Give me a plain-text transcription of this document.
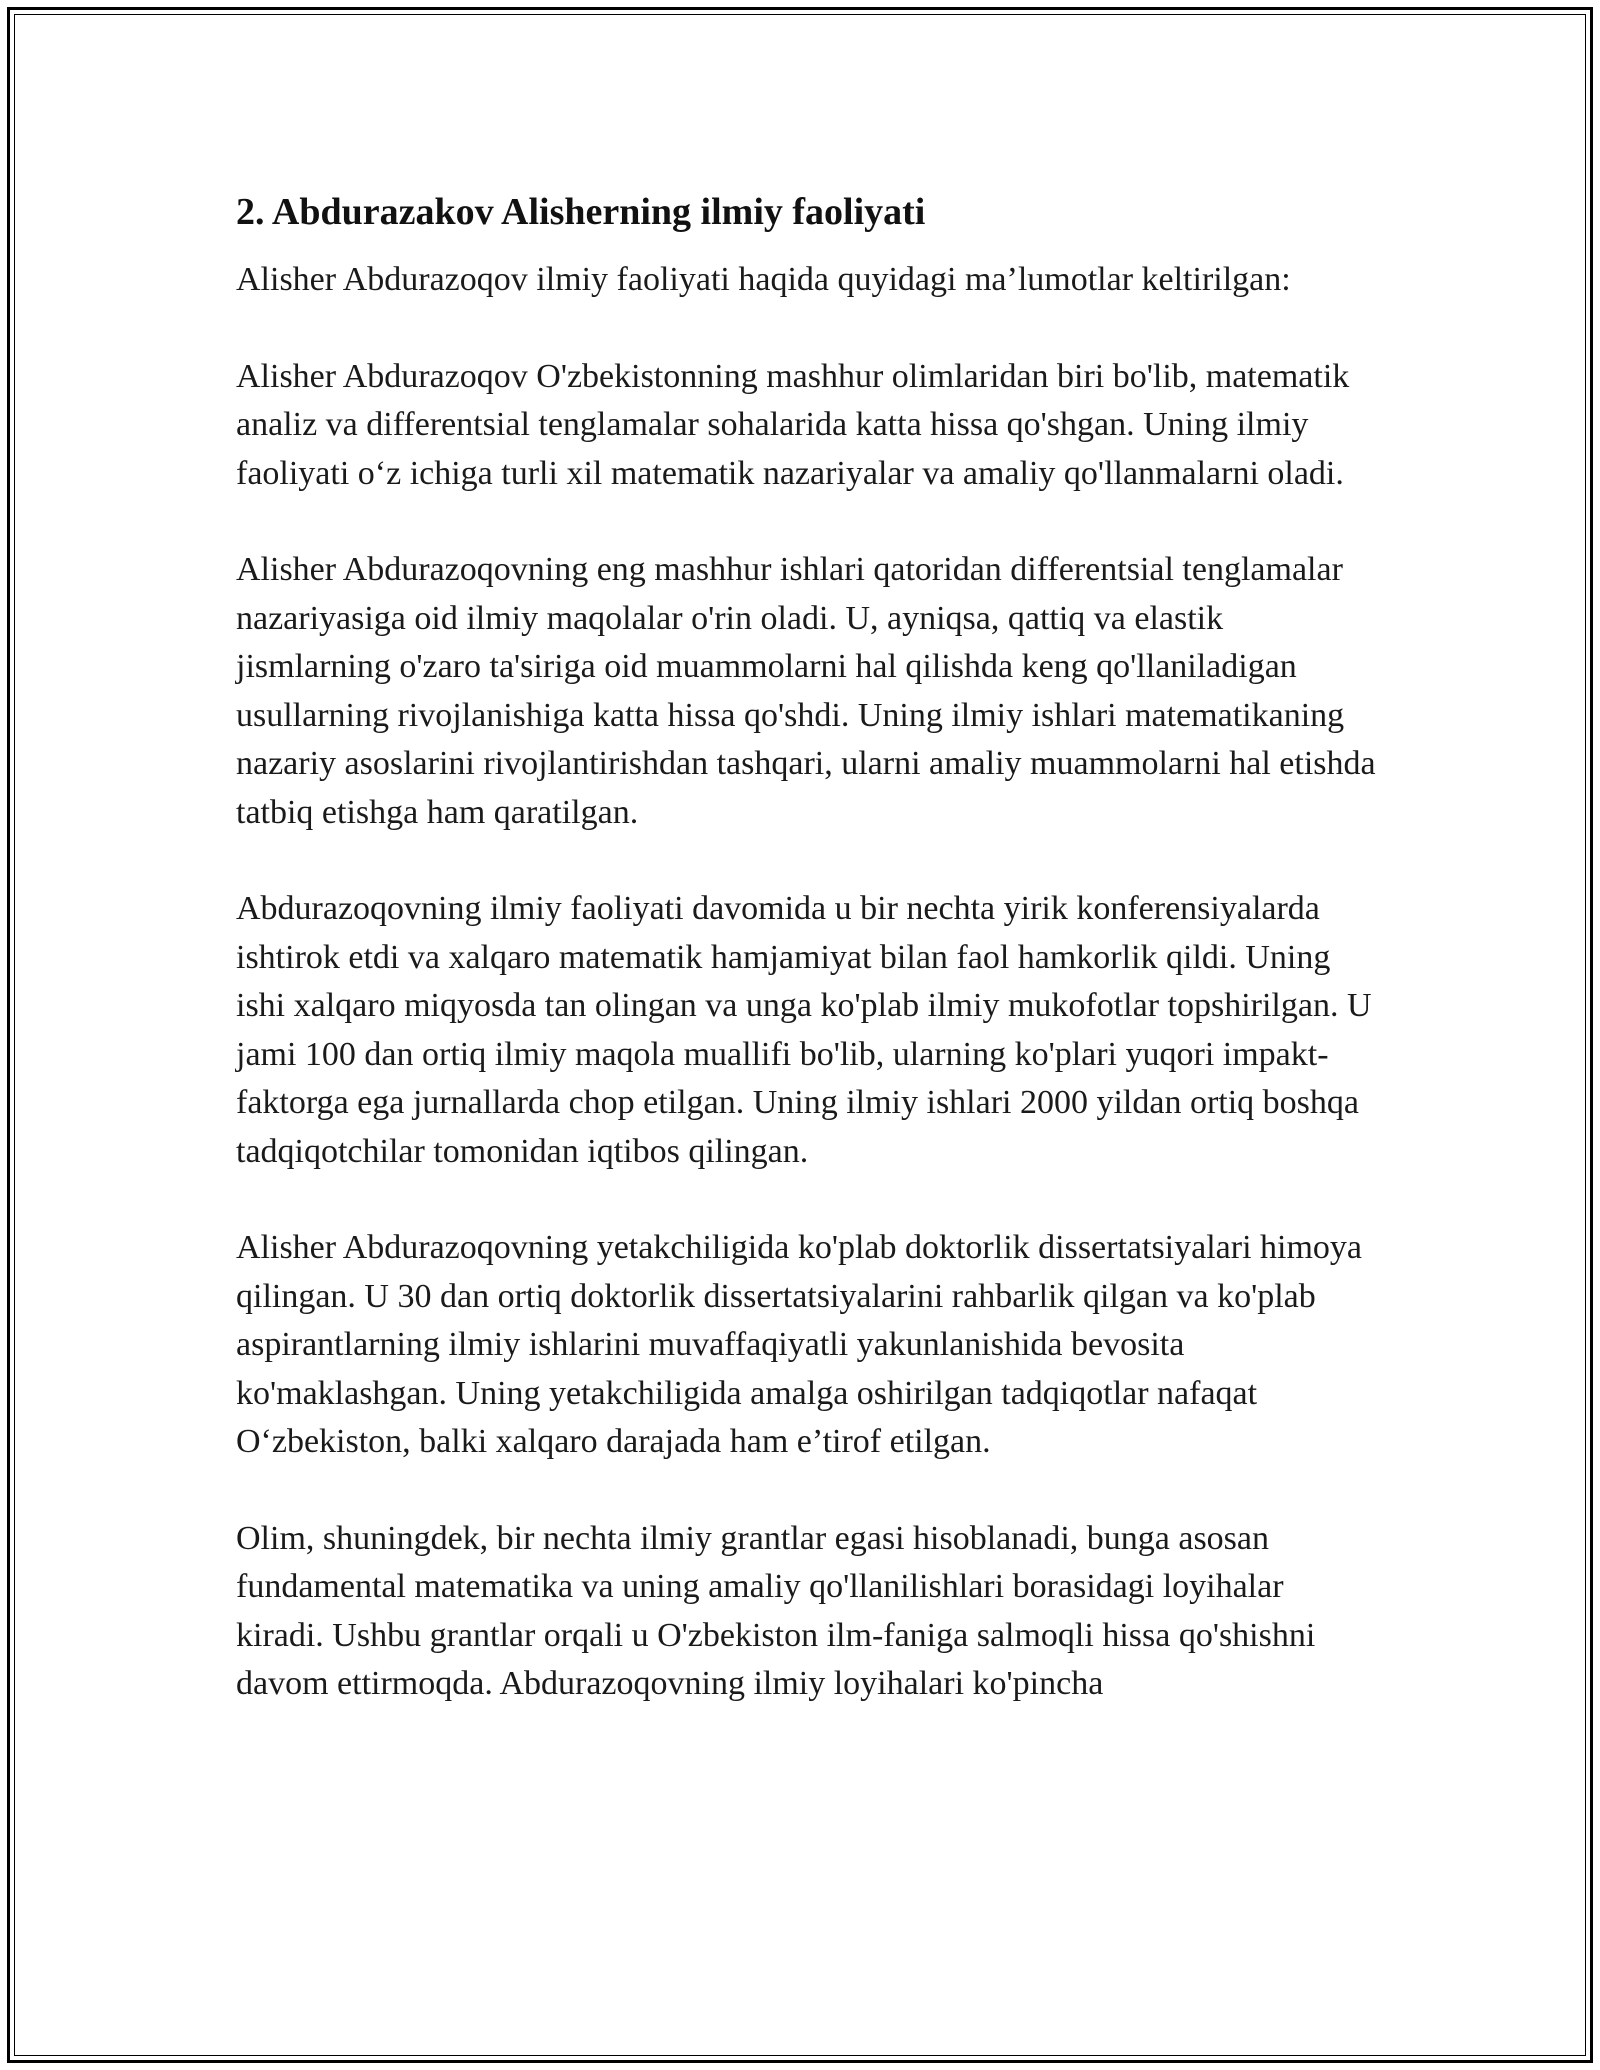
2. Abdurazakov Alisherning ilmiy faoliyati

Alisher Abdurazoqov ilmiy faoliyati haqida quyidagi ma’lumotlar keltirilgan:

Alisher Abdurazoqov O'zbekistonning mashhur olimlaridan biri bo'lib, matematik analiz va differentsial tenglamalar sohalarida katta hissa qo'shgan. Uning ilmiy faoliyati o‘z ichiga turli xil matematik nazariyalar va amaliy qo'llanmalarni oladi.

Alisher Abdurazoqovning eng mashhur ishlari qatoridan differentsial tenglamalar nazariyasiga oid ilmiy maqolalar o'rin oladi. U, ayniqsa, qattiq va elastik jismlarning o'zaro ta'siriga oid muammolarni hal qilishda keng qo'llaniladigan usullarning rivojlanishiga katta hissa qo'shdi. Uning ilmiy ishlari matematikaning nazariy asoslarini rivojlantirishdan tashqari, ularni amaliy muammolarni hal etishda tatbiq etishga ham qaratilgan.

Abdurazoqovning ilmiy faoliyati davomida u bir nechta yirik konferensiyalarda ishtirok etdi va xalqaro matematik hamjamiyat bilan faol hamkorlik qildi. Uning ishi xalqaro miqyosda tan olingan va unga ko'plab ilmiy mukofotlar topshirilgan. U jami 100 dan ortiq ilmiy maqola muallifi bo'lib, ularning ko'plari yuqori impakt-faktorga ega jurnallarda chop etilgan. Uning ilmiy ishlari 2000 yildan ortiq boshqa tadqiqotchilar tomonidan iqtibos qilingan.

Alisher Abdurazoqovning yetakchiligida ko'plab doktorlik dissertatsiyalari himoya qilingan. U 30 dan ortiq doktorlik dissertatsiyalarini rahbarlik qilgan va ko'plab aspirantlarning ilmiy ishlarini muvaffaqiyatli yakunlanishida bevosita ko'maklashgan. Uning yetakchiligida amalga oshirilgan tadqiqotlar nafaqat O‘zbekiston, balki xalqaro darajada ham e’tirof etilgan.

Olim, shuningdek, bir nechta ilmiy grantlar egasi hisoblanadi, bunga asosan fundamental matematika va uning amaliy qo'llanilishlari borasidagi loyihalar kiradi. Ushbu grantlar orqali u O'zbekiston ilm-faniga salmoqli hissa qo'shishni davom ettirmoqda. Abdurazoqovning ilmiy loyihalari ko'pincha
